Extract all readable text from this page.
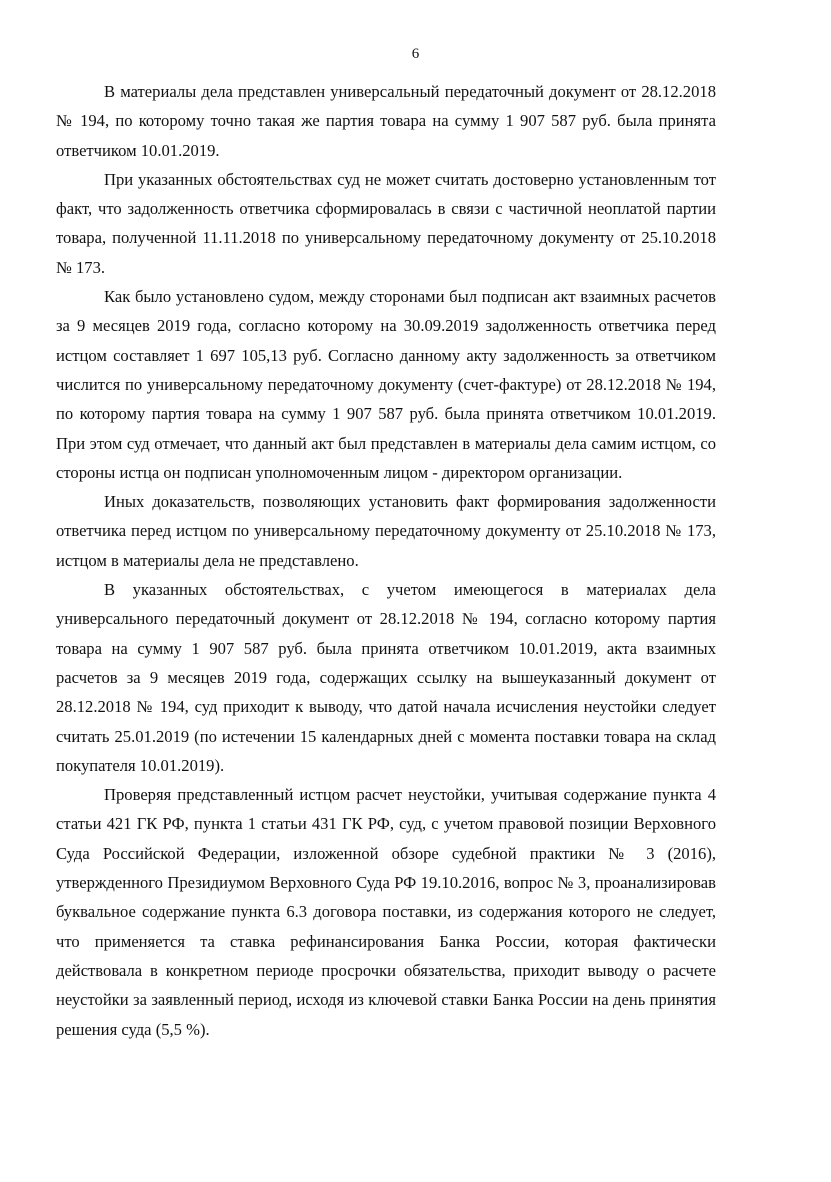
6

В материалы дела представлен универсальный передаточный документ от 28.12.2018 № 194, по которому точно такая же партия товара на сумму 1 907 587 руб. была принята ответчиком 10.01.2019.

При указанных обстоятельствах суд не может считать достоверно установленным тот факт, что задолженность ответчика сформировалась в связи с частичной неоплатой партии товара, полученной 11.11.2018 по универсальному передаточному документу от 25.10.2018 № 173.

Как было установлено судом, между сторонами был подписан акт взаимных расчетов за 9 месяцев 2019 года, согласно которому на 30.09.2019 задолженность ответчика перед истцом составляет 1 697 105,13 руб. Согласно данному акту задолженность за ответчиком числится по универсальному передаточному документу (счет-фактуре) от 28.12.2018 № 194, по которому партия товара на сумму 1 907 587 руб. была принята ответчиком 10.01.2019. При этом суд отмечает, что данный акт был представлен в материалы дела самим истцом, со стороны истца он подписан уполномоченным лицом - директором организации.

Иных доказательств, позволяющих установить факт формирования задолженности ответчика перед истцом по универсальному передаточному документу от 25.10.2018 № 173, истцом в материалы дела не представлено.

В указанных обстоятельствах, с учетом имеющегося в материалах дела универсального передаточный документ от 28.12.2018 № 194, согласно которому партия товара на сумму 1 907 587 руб. была принята ответчиком 10.01.2019, акта взаимных расчетов за 9 месяцев 2019 года, содержащих ссылку на вышеуказанный документ от 28.12.2018 № 194, суд приходит к выводу, что датой начала исчисления неустойки следует считать 25.01.2019 (по истечении 15 календарных дней с момента поставки товара на склад покупателя 10.01.2019).

Проверяя представленный истцом расчет неустойки, учитывая содержание пункта 4 статьи 421 ГК РФ, пункта 1 статьи 431 ГК РФ, суд, с учетом правовой позиции Верховного Суда Российской Федерации, изложенной обзоре судебной практики № 3 (2016), утвержденного Президиумом Верховного Суда РФ 19.10.2016, вопрос № 3, проанализировав буквальное содержание пункта 6.3 договора поставки, из содержания которого не следует, что применяется та ставка рефинансирования Банка России, которая фактически действовала в конкретном периоде просрочки обязательства, приходит выводу о расчете неустойки за заявленный период, исходя из ключевой ставки Банка России на день принятия решения суда (5,5 %).
